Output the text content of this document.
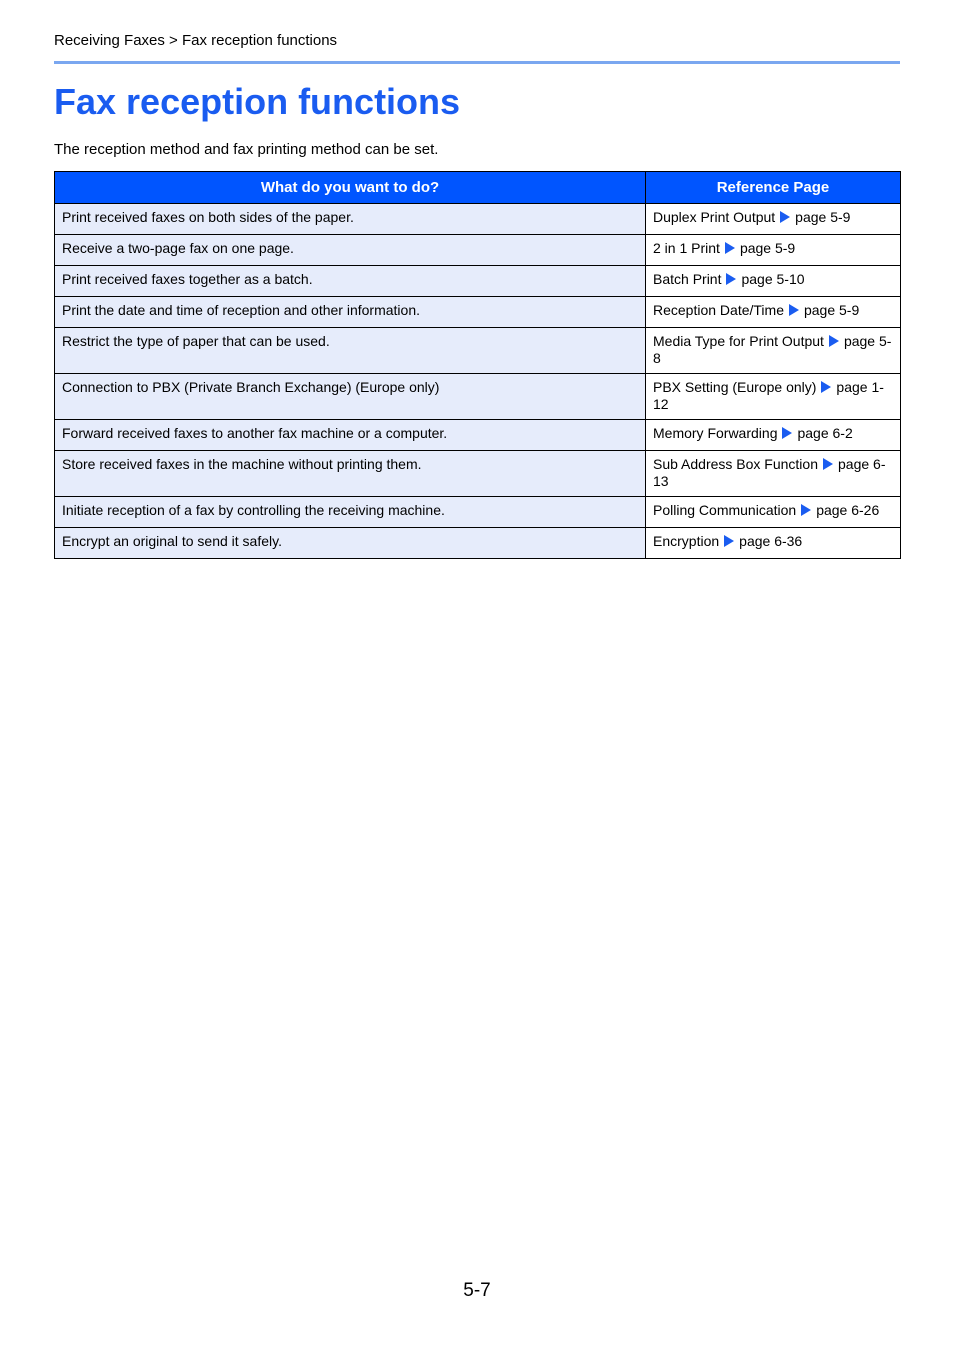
Receiving Faxes > Fax reception functions
Fax reception functions

The reception method and fax printing method can be set.

What do you want to do?	Reference Page
Print received faxes on both sides of the paper.	Duplex Print Output page 5-9
Receive a two-page fax on one page.	2 in 1 Print page 5-9
Print received faxes together as a batch.	Batch Print page 5-10
Print the date and time of reception and other information.	Reception Date/Time page 5-9
Restrict the type of paper that can be used.	Media Type for Print Output page 5-8
Connection to PBX (Private Branch Exchange) (Europe only)	PBX Setting (Europe only) page 1-12
Forward received faxes to another fax machine or a computer.	Memory Forwarding page 6-2
Store received faxes in the machine without printing them.	Sub Address Box Function page 6-13
Initiate reception of a fax by controlling the receiving machine.	Polling Communication page 6-26
Encrypt an original to send it safely.	Encryption page 6-36
5-7
